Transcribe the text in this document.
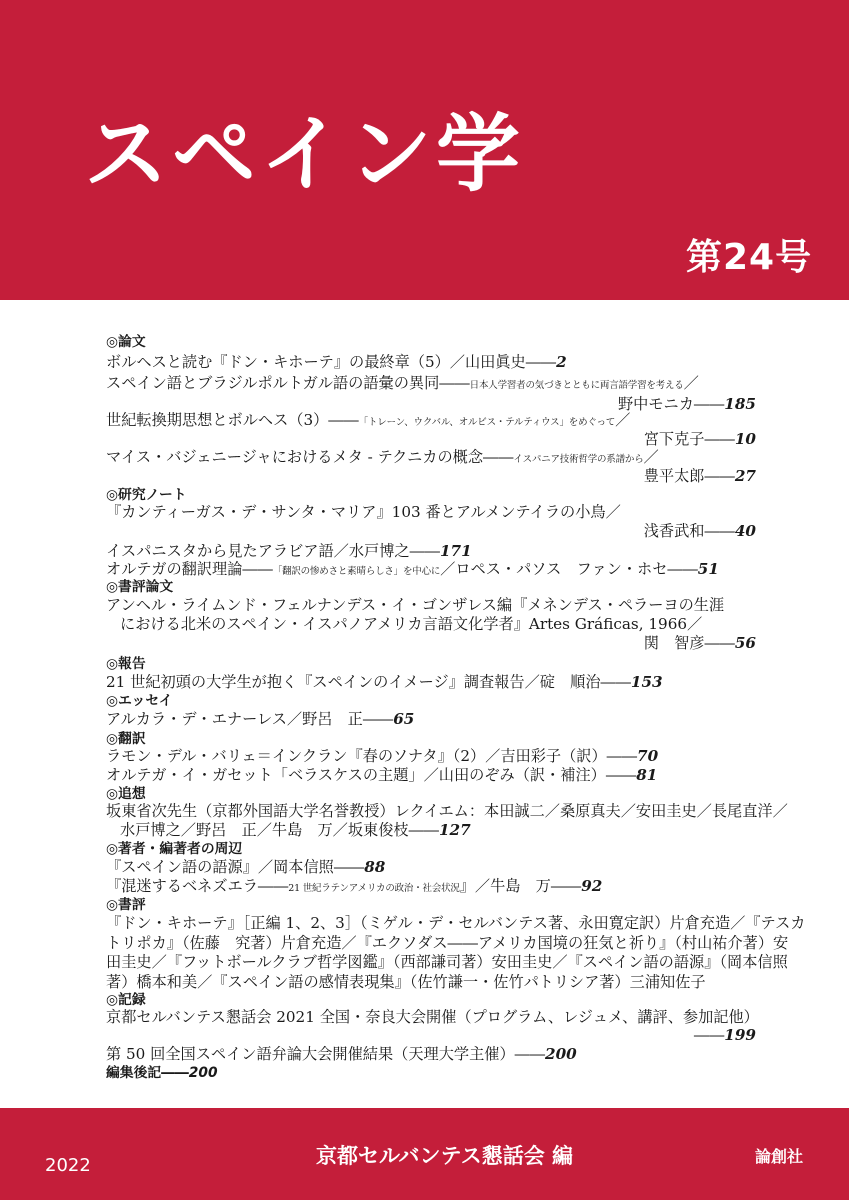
スペイン学
第24号
◎論文
ボルヘスと読む『ドン・キホーテ』の最終章（5）／山田眞史――2
スペイン語とブラジルポルトガル語の語彙の異同――日本人学習者の気づきとともに両言語学習を考える／
野中モニカ――185
世紀転換期思想とボルヘス（3）――「トレーン、ウクバル、オルビス・テルティウス」をめぐって／
宮下克子――10
マイス・バジェニージャにおけるメタ - テクニカの概念――イスパニア技術哲学の系譜から／
豊平太郎――27
◎研究ノート
『カンティーガス・デ・サンタ・マリア』103 番とアルメンテイラの小鳥／
浅香武和――40
イスパニスタから見たアラビア語／水戸博之――171
オルテガの翻訳理論――「翻訳の惨めさと素晴らしさ」を中心に／ロペス・パソス　ファン・ホセ――51
◎書評論文
アンヘル・ライムンド・フェルナンデス・イ・ゴンザレス編『メネンデス・ペラーヨの生涯
における北米のスペイン・イスパノアメリカ言語文化学者』Artes Gráficas, 1966／
関　智彦――56
◎報告
21 世紀初頭の大学生が抱く『スペインのイメージ』調査報告／碇　順治――153
◎エッセイ
アルカラ・デ・エナーレス／野呂　正――65
◎翻訳
ラモン・デル・バリェ＝インクラン『春のソナタ』（2）／吉田彩子（訳）――70
オルテガ・イ・ガセット「ベラスケスの主題」／山田のぞみ（訳・補注）――81
◎追想
坂東省次先生（京都外国語大学名誉教授）レクイエム：本田誠二／桑原真夫／安田圭史／長尾直洋／
水戸博之／野呂　正／牛島　万／坂東俊枝――127
◎著者・編著者の周辺
『スペイン語の語源』／岡本信照――88
『混迷するベネズエラ――21 世紀ラテンアメリカの政治・社会状況』／牛島　万――92
◎書評
『ドン・キホーテ』［正編 1、2、3］（ミゲル・デ・セルバンテス著、永田寛定訳）片倉充造／『テスカ
トリポカ』（佐藤　究著）片倉充造／『エクソダス――アメリカ国境の狂気と祈り』（村山祐介著）安
田圭史／『フットボールクラブ哲学図鑑』（西部謙司著）安田圭史／『スペイン語の語源』（岡本信照
著）橋本和美／『スペイン語の感情表現集』（佐竹謙一・佐竹パトリシア著）三浦知佐子
◎記録
京都セルバンテス懇話会 2021 全国・奈良大会開催（プログラム、レジュメ、講評、参加記他）
――199
第 50 回全国スペイン語弁論大会開催結果（天理大学主催）――200
編集後記――200
2022	京都セルバンテス懇話会 編	論創社
